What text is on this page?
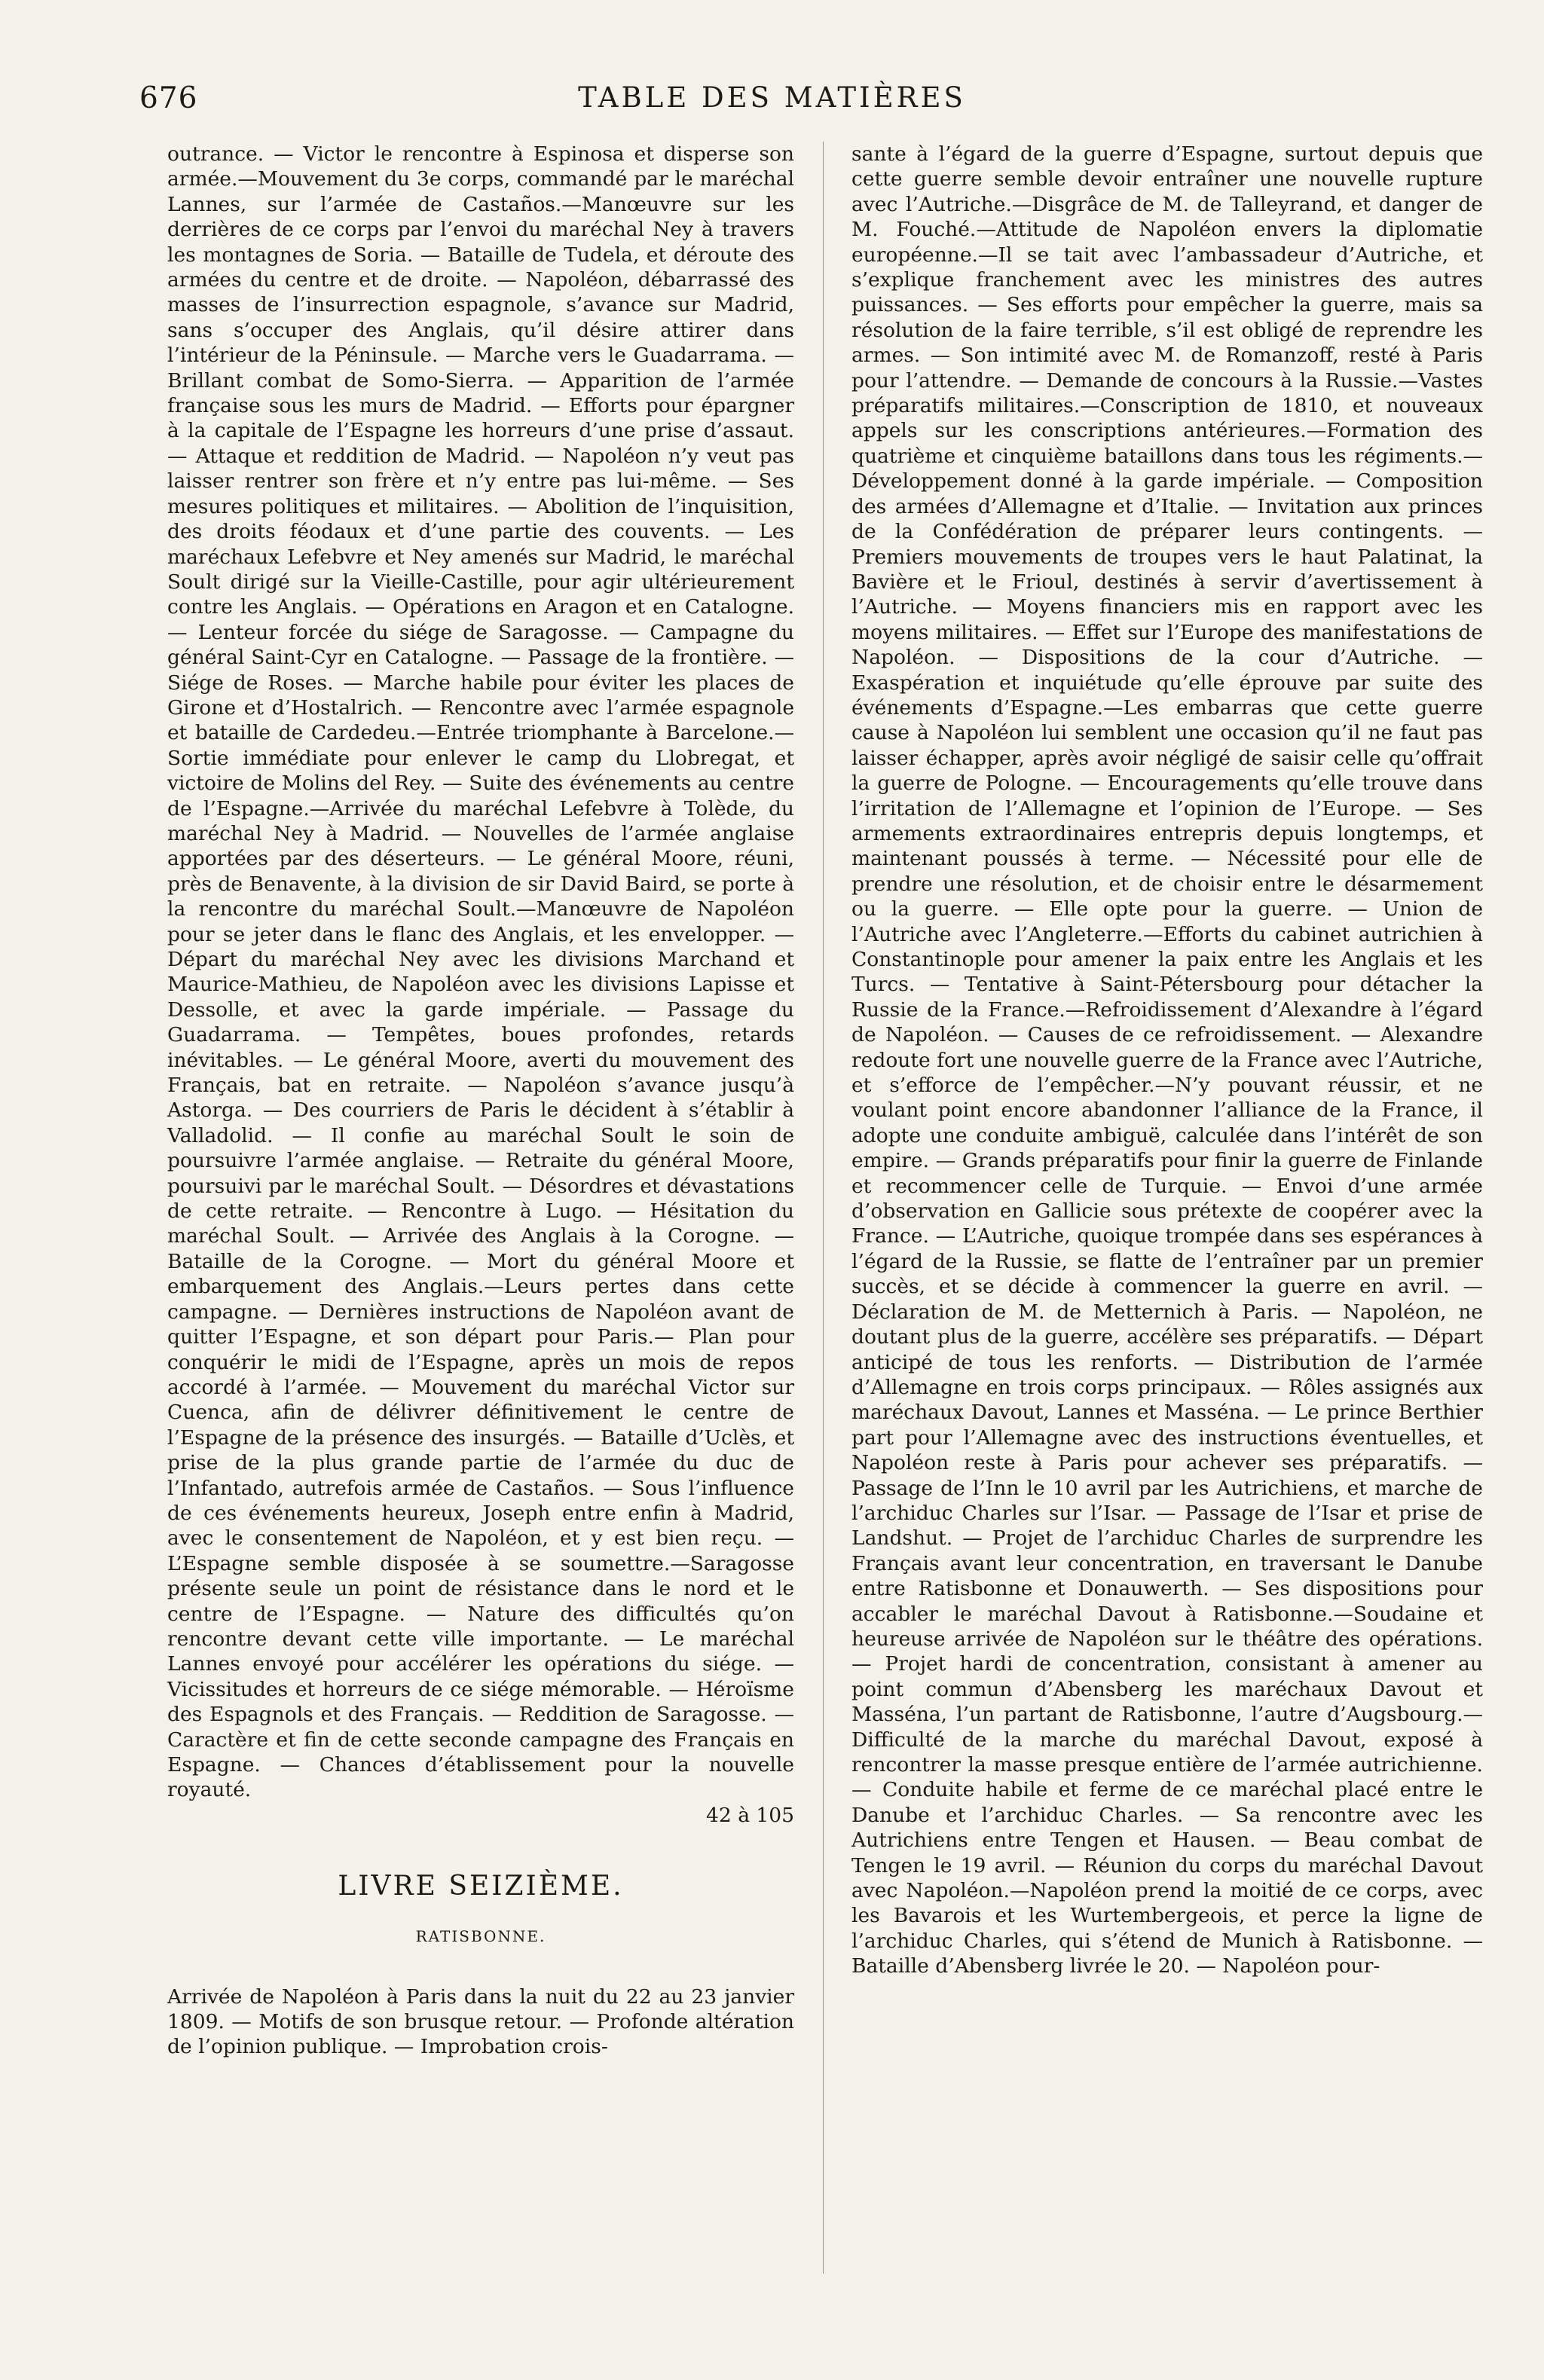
676	TABLE DES MATIÈRES

outrance. — Victor le rencontre à Espinosa et disperse son armée.—Mouvement du 3e corps, commandé par le maréchal Lannes, sur l’armée de Castaños.—Manœuvre sur les derrières de ce corps par l’envoi du maréchal Ney à travers les montagnes de Soria. — Bataille de Tudela, et déroute des armées du centre et de droite. — Napoléon, débarrassé des masses de l’insurrection espagnole, s’avance sur Madrid, sans s’occuper des Anglais, qu’il désire attirer dans l’intérieur de la Péninsule. — Marche vers le Guadarrama. — Brillant combat de Somo-Sierra. — Apparition de l’armée française sous les murs de Madrid. — Efforts pour épargner à la capitale de l’Espagne les horreurs d’une prise d’assaut. — Attaque et reddition de Madrid. — Napoléon n’y veut pas laisser rentrer son frère et n’y entre pas lui-même. — Ses mesures politiques et militaires. — Abolition de l’inquisition, des droits féodaux et d’une partie des couvents. — Les maréchaux Lefebvre et Ney amenés sur Madrid, le maréchal Soult dirigé sur la Vieille-Castille, pour agir ultérieurement contre les Anglais. — Opérations en Aragon et en Catalogne. — Lenteur forcée du siége de Saragosse. — Campagne du général Saint-Cyr en Catalogne. — Passage de la frontière. — Siége de Roses. — Marche habile pour éviter les places de Girone et d’Hostalrich. — Rencontre avec l’armée espagnole et bataille de Cardedeu.—Entrée triomphante à Barcelone.—Sortie immédiate pour enlever le camp du Llobregat, et victoire de Molins del Rey. — Suite des événements au centre de l’Espagne.—Arrivée du maréchal Lefebvre à Tolède, du maréchal Ney à Madrid. — Nouvelles de l’armée anglaise apportées par des déserteurs. — Le général Moore, réuni, près de Benavente, à la division de sir David Baird, se porte à la rencontre du maréchal Soult.—Manœuvre de Napoléon pour se jeter dans le flanc des Anglais, et les envelopper. — Départ du maréchal Ney avec les divisions Marchand et Maurice-Mathieu, de Napoléon avec les divisions Lapisse et Dessolle, et avec la garde impériale. — Passage du Guadarrama. — Tempêtes, boues profondes, retards inévitables. — Le général Moore, averti du mouvement des Français, bat en retraite. — Napoléon s’avance jusqu’à Astorga. — Des courriers de Paris le décident à s’établir à Valladolid. — Il confie au maréchal Soult le soin de poursuivre l’armée anglaise. — Retraite du général Moore, poursuivi par le maréchal Soult. — Désordres et dévastations de cette retraite. — Rencontre à Lugo. — Hésitation du maréchal Soult. — Arrivée des Anglais à la Corogne. — Bataille de la Corogne. — Mort du général Moore et embarquement des Anglais.—Leurs pertes dans cette campagne. — Dernières instructions de Napoléon avant de quitter l’Espagne, et son départ pour Paris.— Plan pour conquérir le midi de l’Espagne, après un mois de repos accordé à l’armée. — Mouvement du maréchal Victor sur Cuenca, afin de délivrer définitivement le centre de l’Espagne de la présence des insurgés. — Bataille d’Uclès, et prise de la plus grande partie de l’armée du duc de l’Infantado, autrefois armée de Castaños. — Sous l’influence de ces événements heureux, Joseph entre enfin à Madrid, avec le consentement de Napoléon, et y est bien reçu. — L’Espagne semble disposée à se soumettre.—Saragosse présente seule un point de résistance dans le nord et le centre de l’Espagne. — Nature des difficultés qu’on rencontre devant cette ville importante. — Le maréchal Lannes envoyé pour accélérer les opérations du siége. — Vicissitudes et horreurs de ce siége mémorable. — Héroïsme des Espagnols et des Français. — Reddition de Saragosse. — Caractère et fin de cette seconde campagne des Français en Espagne. — Chances d’établissement pour la nouvelle royauté.

42 à 105

LIVRE SEIZIÈME.
RATISBONNE.

Arrivée de Napoléon à Paris dans la nuit du 22 au 23 janvier 1809. — Motifs de son brusque retour. — Profonde altération de l’opinion publique. — Improbation crois-

sante à l’égard de la guerre d’Espagne, surtout depuis que cette guerre semble devoir entraîner une nouvelle rupture avec l’Autriche.—Disgrâce de M. de Talleyrand, et danger de M. Fouché.—Attitude de Napoléon envers la diplomatie européenne.—Il se tait avec l’ambassadeur d’Autriche, et s’explique franchement avec les ministres des autres puissances. — Ses efforts pour empêcher la guerre, mais sa résolution de la faire terrible, s’il est obligé de reprendre les armes. — Son intimité avec M. de Romanzoff, resté à Paris pour l’attendre. — Demande de concours à la Russie.—Vastes préparatifs militaires.—Conscription de 1810, et nouveaux appels sur les conscriptions antérieures.—Formation des quatrième et cinquième bataillons dans tous les régiments.—Développement donné à la garde impériale. — Composition des armées d’Allemagne et d’Italie. — Invitation aux princes de la Confédération de préparer leurs contingents. — Premiers mouvements de troupes vers le haut Palatinat, la Bavière et le Frioul, destinés à servir d’avertissement à l’Autriche. — Moyens financiers mis en rapport avec les moyens militaires. — Effet sur l’Europe des manifestations de Napoléon. — Dispositions de la cour d’Autriche. — Exaspération et inquiétude qu’elle éprouve par suite des événements d’Espagne.—Les embarras que cette guerre cause à Napoléon lui semblent une occasion qu’il ne faut pas laisser échapper, après avoir négligé de saisir celle qu’offrait la guerre de Pologne. — Encouragements qu’elle trouve dans l’irritation de l’Allemagne et l’opinion de l’Europe. — Ses armements extraordinaires entrepris depuis longtemps, et maintenant poussés à terme. — Nécessité pour elle de prendre une résolution, et de choisir entre le désarmement ou la guerre. — Elle opte pour la guerre. — Union de l’Autriche avec l’Angleterre.—Efforts du cabinet autrichien à Constantinople pour amener la paix entre les Anglais et les Turcs. — Tentative à Saint-Pétersbourg pour détacher la Russie de la France.—Refroidissement d’Alexandre à l’égard de Napoléon. — Causes de ce refroidissement. — Alexandre redoute fort une nouvelle guerre de la France avec l’Autriche, et s’efforce de l’empêcher.—N’y pouvant réussir, et ne voulant point encore abandonner l’alliance de la France, il adopte une conduite ambiguë, calculée dans l’intérêt de son empire. — Grands préparatifs pour finir la guerre de Finlande et recommencer celle de Turquie. — Envoi d’une armée d’observation en Gallicie sous prétexte de coopérer avec la France. — L’Autriche, quoique trompée dans ses espérances à l’égard de la Russie, se flatte de l’entraîner par un premier succès, et se décide à commencer la guerre en avril. — Déclaration de M. de Metternich à Paris. — Napoléon, ne doutant plus de la guerre, accélère ses préparatifs. — Départ anticipé de tous les renforts. — Distribution de l’armée d’Allemagne en trois corps principaux. — Rôles assignés aux maréchaux Davout, Lannes et Masséna. — Le prince Berthier part pour l’Allemagne avec des instructions éventuelles, et Napoléon reste à Paris pour achever ses préparatifs. — Passage de l’Inn le 10 avril par les Autrichiens, et marche de l’archiduc Charles sur l’Isar. — Passage de l’Isar et prise de Landshut. — Projet de l’archiduc Charles de surprendre les Français avant leur concentration, en traversant le Danube entre Ratisbonne et Donauwerth. — Ses dispositions pour accabler le maréchal Davout à Ratisbonne.—Soudaine et heureuse arrivée de Napoléon sur le théâtre des opérations. — Projet hardi de concentration, consistant à amener au point commun d’Abensberg les maréchaux Davout et Masséna, l’un partant de Ratisbonne, l’autre d’Augsbourg.—Difficulté de la marche du maréchal Davout, exposé à rencontrer la masse presque entière de l’armée autrichienne. — Conduite habile et ferme de ce maréchal placé entre le Danube et l’archiduc Charles. — Sa rencontre avec les Autrichiens entre Tengen et Hausen. — Beau combat de Tengen le 19 avril. — Réunion du corps du maréchal Davout avec Napoléon.—Napoléon prend la moitié de ce corps, avec les Bavarois et les Wurtembergeois, et perce la ligne de l’archiduc Charles, qui s’étend de Munich à Ratisbonne. — Bataille d’Abensberg livrée le 20. — Napoléon pour-
